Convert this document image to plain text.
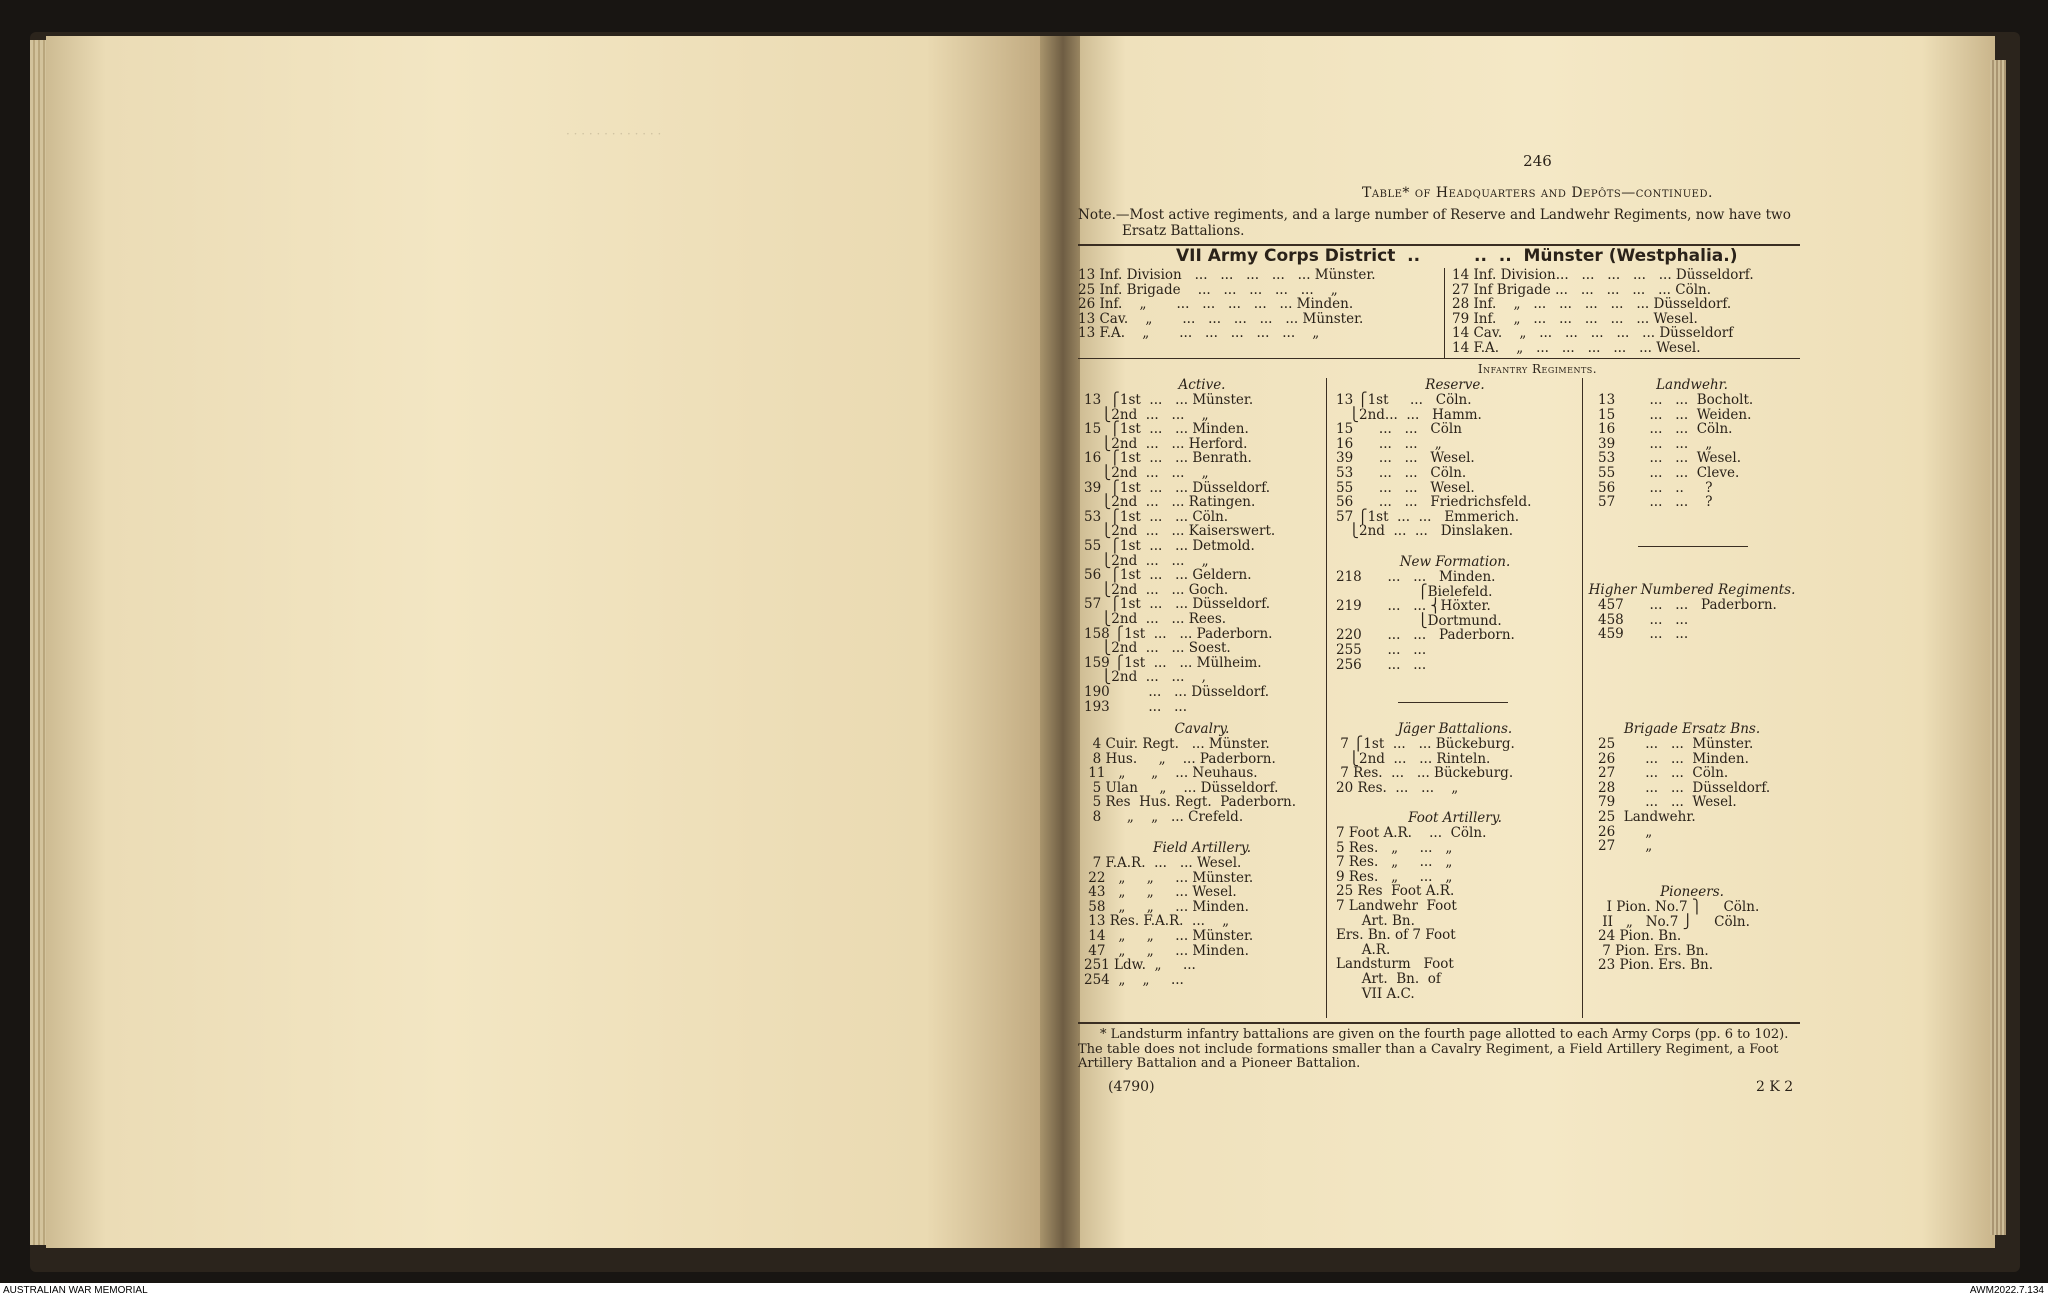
· · · · · · · · · · · · ·
246
Table* of Headquarters and Depôts—continued.
Note.—Most active regiments, and a large number of Reserve and Landwehr Regiments, now have two
Ersatz Battalions.
VII Army Corps District  ..	..  ..  Münster (Westphalia.)
13 Inf. Division   ...   ...   ...   ...   ... Münster.
25 Inf. Brigade    ...   ...   ...   ...   ...    „
26 Inf.    „       ...   ...   ...   ...   ... Minden.
13 Cav.    „       ...   ...   ...   ...   ... Münster.
13 F.A.    „       ...   ...   ...   ...   ...    „
14 Inf. Division...   ...   ...   ...   ... Düsseldorf.
27 Inf Brigade ...   ...   ...   ...   ... Cöln.
28 Inf.    „   ...   ...   ...   ...   ... Düsseldorf.
79 Inf.    „   ...   ...   ...   ...   ... Wesel.
14 Cav.    „   ...   ...   ...   ...   ... Düsseldorf
14 F.A.    „   ...   ...   ...   ...   ... Wesel.
Infantry Regiments.
Active.
13  ⎧1st  ...   ... Münster.
⎩2nd  ...   ...    „
15  ⎧1st  ...   ... Minden.
⎩2nd  ...   ... Herford.
16  ⎧1st  ...   ... Benrath.
⎩2nd  ...   ...    „
39  ⎧1st  ...   ... Düsseldorf.
⎩2nd  ...   ... Ratingen.
53  ⎧1st  ...   ... Cöln.
⎩2nd  ...   ... Kaiserswert.
55  ⎧1st  ...   ... Detmold.
⎩2nd  ...   ...    „
56  ⎧1st  ...   ... Geldern.
⎩2nd  ...   ... Goch.
57  ⎧1st  ...   ... Düsseldorf.
⎩2nd  ...   ... Rees.
158 ⎧1st  ...   ... Paderborn.
⎩2nd  ...   ... Soest.
159 ⎧1st  ...   ... Mülheim.
⎩2nd  ...   ...    ,
190         ...   ... Düsseldorf.
193         ...   ...
Cavalry.
4 Cuir. Regt.   ... Münster.
8 Hus.     „    ... Paderborn.
11   „      „    ... Neuhaus.
5 Ulan     „    ... Düsseldorf.
5 Res  Hus. Regt.  Paderborn.
8      „    „   ... Crefeld.
Field Artillery.
7 F.A.R.  ...   ... Wesel.
22   „     „     ... Münster.
43   „     „     ... Wesel.
58   „     „     ... Minden.
13 Res. F.A.R.  ...    „
14   „     „     ... Münster.
47   „     „     ... Minden.
251 Ldw.  „     ...
254  „    „     ...
Reserve.
13 ⎧1st     ...   Cöln.
⎩2nd...  ...   Hamm.
15      ...   ...   Cöln
16      ...   ...    „
39      ...   ...   Wesel.
53      ...   ...   Cöln.
55      ...   ...   Wesel.
56      ...   ...   Friedrichsfeld.
57 ⎧1st  ...  ...   Emmerich.
⎩2nd  ...  ...   Dinslaken.
New Formation.
218      ...   ...   Minden.
⎧Bielefeld.
219      ...   ... ⎨Höxter.
⎩Dortmund.
220      ...   ...   Paderborn.
255      ...   ...
256      ...   ...
Jäger Battalions.
7 ⎧1st  ...   ... Bückeburg.
⎩2nd  ...   ... Rinteln.
7 Res.  ...   ... Bückeburg.
20 Res.  ...   ...    „
Foot Artillery.
7 Foot A.R.    ...  Cöln.
5 Res.   „     ...   „
7 Res.   „     ...   „
9 Res.   „     ...   „
25 Res  Foot A.R.
7 Landwehr  Foot
Art. Bn.
Ers. Bn. of 7 Foot
A.R.
Landsturm   Foot
Art.  Bn.  of
VII A.C.
Landwehr.
13        ...   ...  Bocholt.
15        ...   ...  Weiden.
16        ...   ...  Cöln.
39        ...   ...    „
53        ...   ...  Wesel.
55        ...   ...  Cleve.
56        ...   ..     ?
57        ...   ...    ?
Higher Numbered Regiments.
457      ...   ...   Paderborn.
458      ...   ...
459      ...   ...
Brigade Ersatz Bns.
25       ...   ...  Münster.
26       ...   ...  Minden.
27       ...   ...  Cöln.
28       ...   ...  Düsseldorf.
79       ...   ...  Wesel.
25  Landwehr.
26       „
27       „
Pioneers.
I Pion. No.7 ⎫     Cöln.
II   „   No.7 ⎭     Cöln.
24 Pion. Bn.
7 Pion. Ers. Bn.
23 Pion. Ers. Bn.
* Landsturm infantry battalions are given on the fourth page allotted to each Army Corps (pp. 6 to 102).
The table does not include formations smaller than a Cavalry Regiment, a Field Artillery Regiment, a Foot
Artillery Battalion and a Pioneer Battalion.
(4790)	2 K 2
AUSTRALIAN WAR MEMORIAL	AWM2022.7.134
